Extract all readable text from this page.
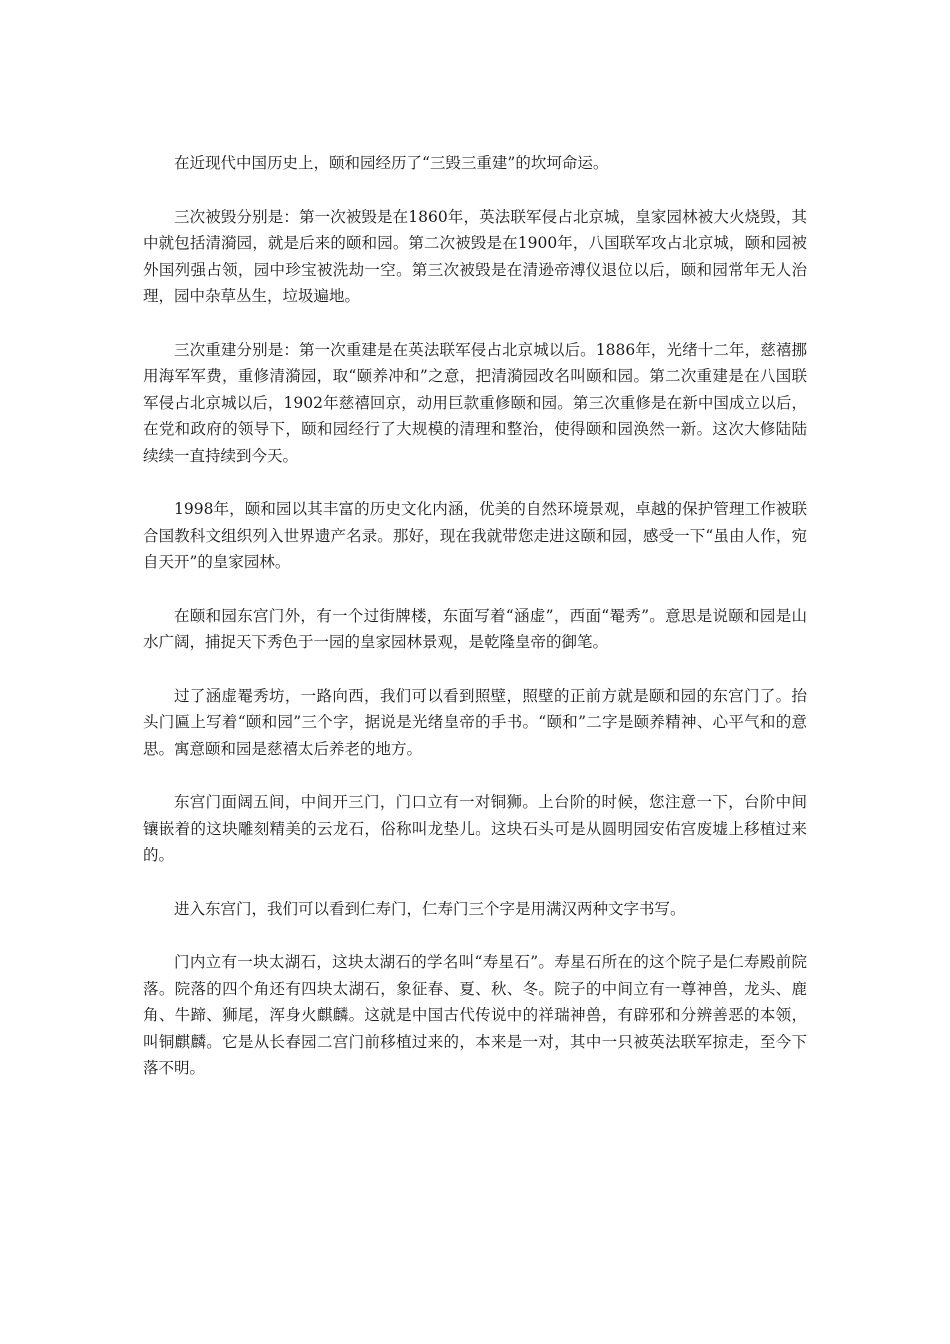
在近现代中国历史上，颐和园经历了“三毁三重建”的坎坷命运。

三次被毁分别是：第一次被毁是在1860年，英法联军侵占北京城，皇家园林被大火烧毁，其中就包括清漪园，就是后来的颐和园。第二次被毁是在1900年，八国联军攻占北京城，颐和园被外国列强占领，园中珍宝被洗劫一空。第三次被毁是在清逊帝溥仪退位以后，颐和园常年无人治理，园中杂草丛生，垃圾遍地。

三次重建分别是：第一次重建是在英法联军侵占北京城以后。1886年，光绪十二年，慈禧挪用海军军费，重修清漪园，取“颐养冲和”之意，把清漪园改名叫颐和园。第二次重建是在八国联军侵占北京城以后，1902年慈禧回京，动用巨款重修颐和园。第三次重修是在新中国成立以后，在党和政府的领导下，颐和园经行了大规模的清理和整治，使得颐和园涣然一新。这次大修陆陆续续一直持续到今天。

1998年，颐和园以其丰富的历史文化内涵，优美的自然环境景观，卓越的保护管理工作被联合国教科文组织列入世界遗产名录。那好，现在我就带您走进这颐和园，感受一下“虽由人作，宛自天开”的皇家园林。

在颐和园东宫门外，有一个过街牌楼，东面写着“涵虚”，西面“罨秀”。意思是说颐和园是山水广阔，捕捉天下秀色于一园的皇家园林景观，是乾隆皇帝的御笔。

过了涵虚罨秀坊，一路向西，我们可以看到照壁，照壁的正前方就是颐和园的东宫门了。抬头门匾上写着“颐和园”三个字，据说是光绪皇帝的手书。“颐和”二字是颐养精神、心平气和的意思。寓意颐和园是慈禧太后养老的地方。

东宫门面阔五间，中间开三门，门口立有一对铜狮。上台阶的时候，您注意一下，台阶中间镶嵌着的这块雕刻精美的云龙石，俗称叫龙垫儿。这块石头可是从圆明园安佑宫废墟上移植过来的。

进入东宫门，我们可以看到仁寿门，仁寿门三个字是用满汉两种文字书写。

门内立有一块太湖石，这块太湖石的学名叫“寿星石”。寿星石所在的这个院子是仁寿殿前院落。院落的四个角还有四块太湖石，象征春、夏、秋、冬。院子的中间立有一尊神兽，龙头、鹿角、牛蹄、狮尾，浑身火麒麟。这就是中国古代传说中的祥瑞神兽，有辟邪和分辨善恶的本领，叫铜麒麟。它是从长春园二宫门前移植过来的，本来是一对，其中一只被英法联军掠走，至今下落不明。
